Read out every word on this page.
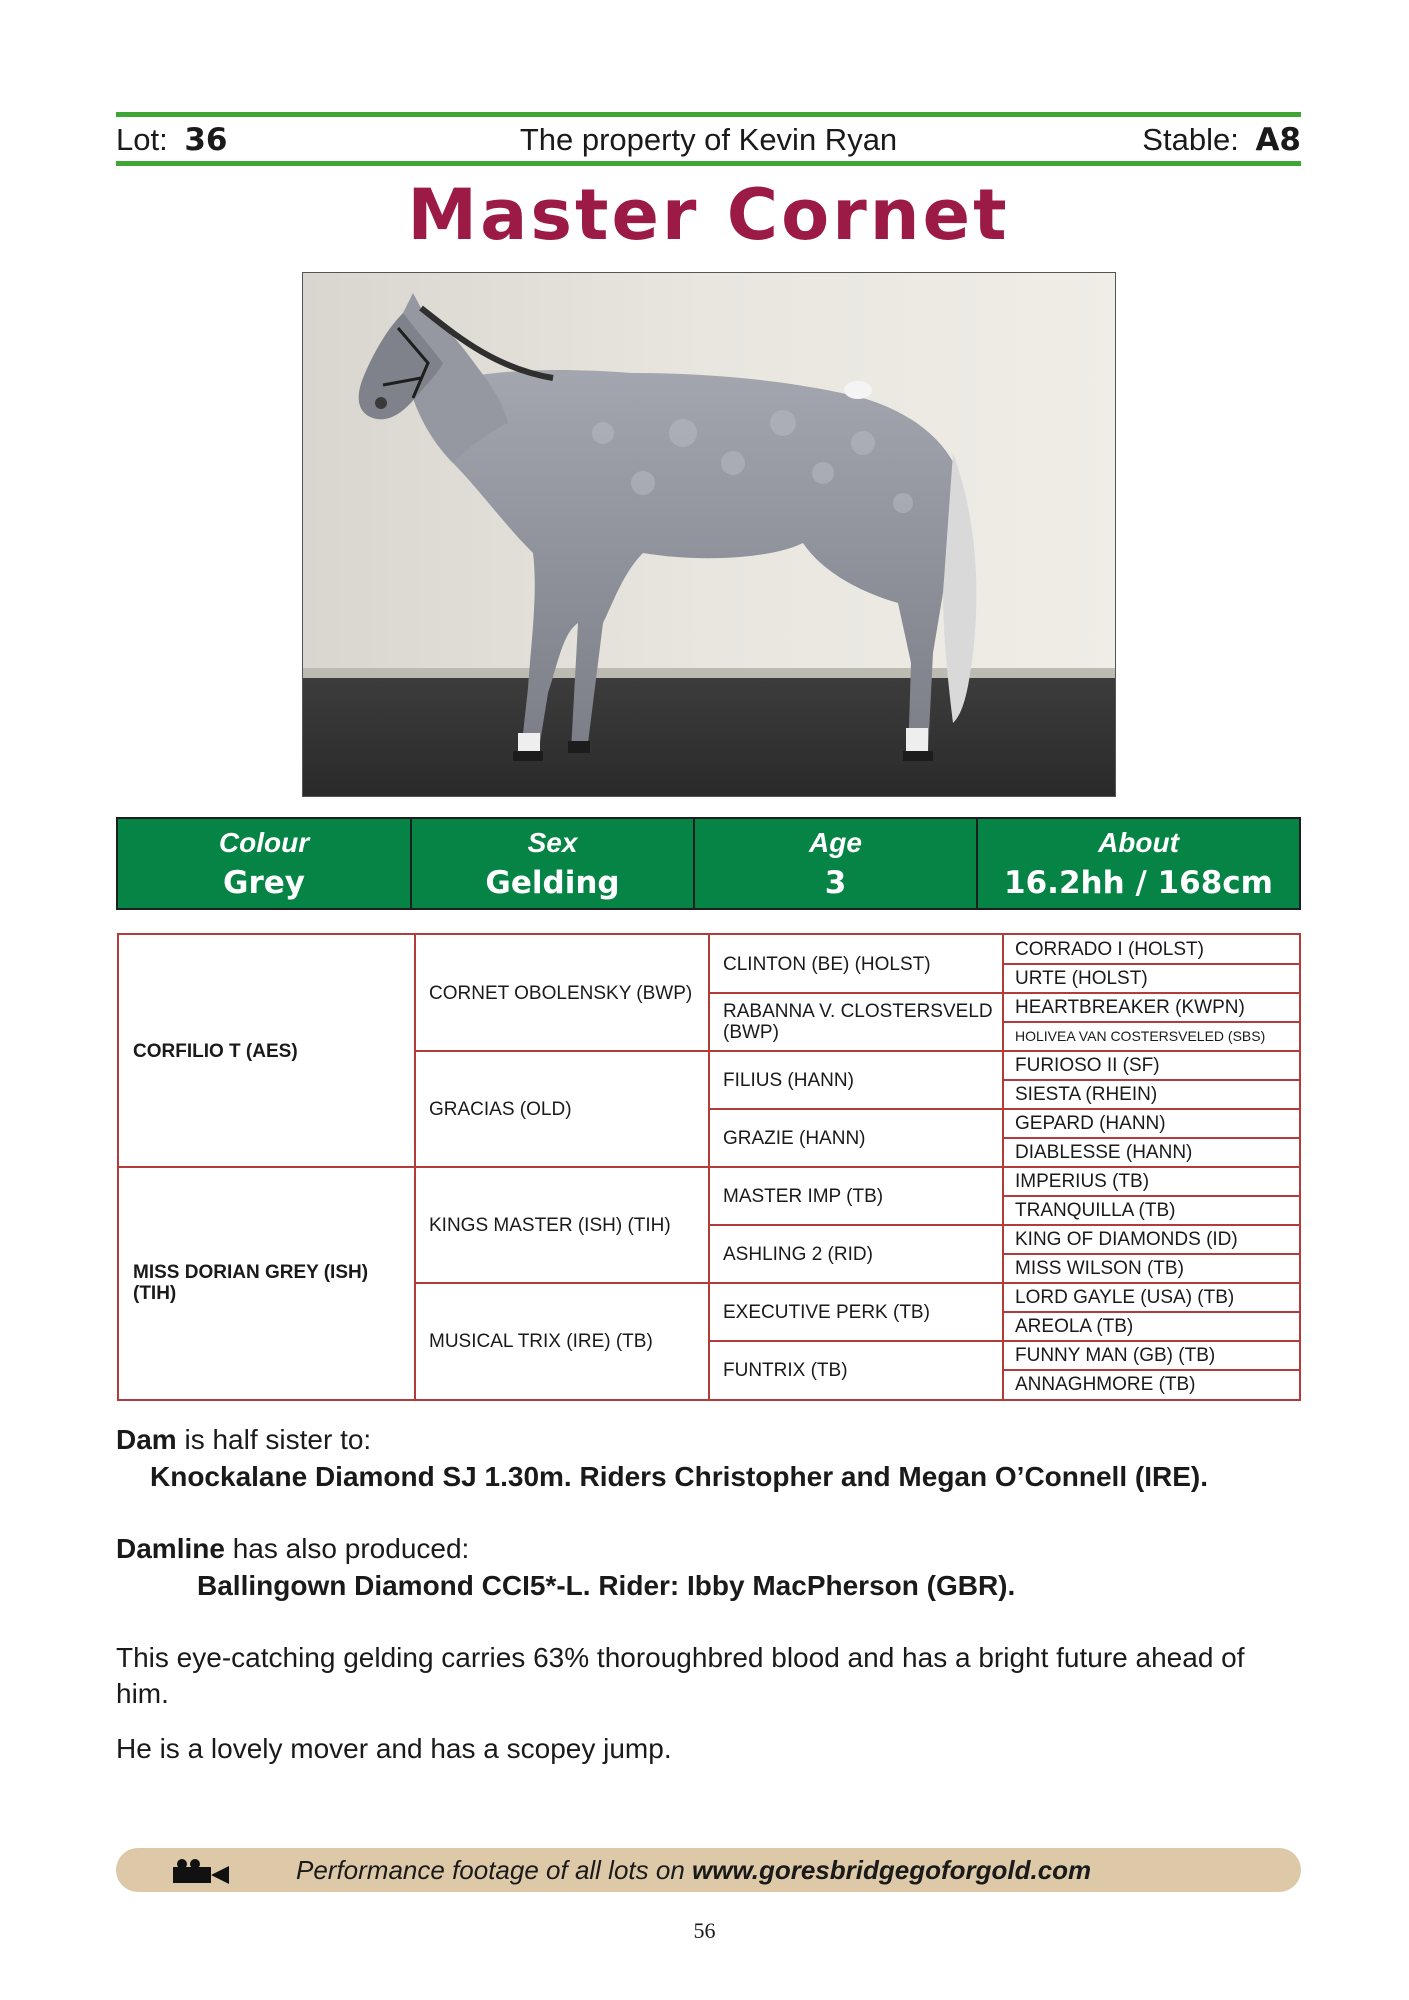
Lot: 36	The property of Kevin Ryan	Stable: A8
Master Cornet
Colour
Grey
Sex
Gelding
Age
3
About
16.2hh / 168cm
CORFILIO T (AES)
MISS DORIAN GREY (ISH) (TIH)
CORNET OBOLENSKY (BWP)
GRACIAS (OLD)
KINGS MASTER (ISH) (TIH)
MUSICAL TRIX (IRE) (TB)
CLINTON (BE) (HOLST)
RABANNA V. CLOSTERSVELD (BWP)
FILIUS (HANN)
GRAZIE (HANN)
MASTER IMP (TB)
ASHLING 2 (RID)
EXECUTIVE PERK (TB)
FUNTRIX (TB)
CORRADO I (HOLST)
URTE (HOLST)
HEARTBREAKER (KWPN)
HOLIVEA VAN COSTERSVELED (SBS)
FURIOSO II (SF)
SIESTA (RHEIN)
GEPARD (HANN)
DIABLESSE (HANN)
IMPERIUS (TB)
TRANQUILLA (TB)
KING OF DIAMONDS (ID)
MISS WILSON (TB)
LORD GAYLE (USA) (TB)
AREOLA (TB)
FUNNY MAN (GB) (TB)
ANNAGHMORE (TB)
Dam is half sister to:
Knockalane Diamond SJ 1.30m. Riders Christopher and Megan O’Connell (IRE).
Damline has also produced:
Ballingown Diamond CCI5*-L. Rider: Ibby MacPherson (GBR).
This eye-catching gelding carries 63% thoroughbred blood and has a bright future ahead of him.
He is a lovely mover and has a scopey jump.
Performance footage of all lots on www.goresbridgegoforgold.com
56
